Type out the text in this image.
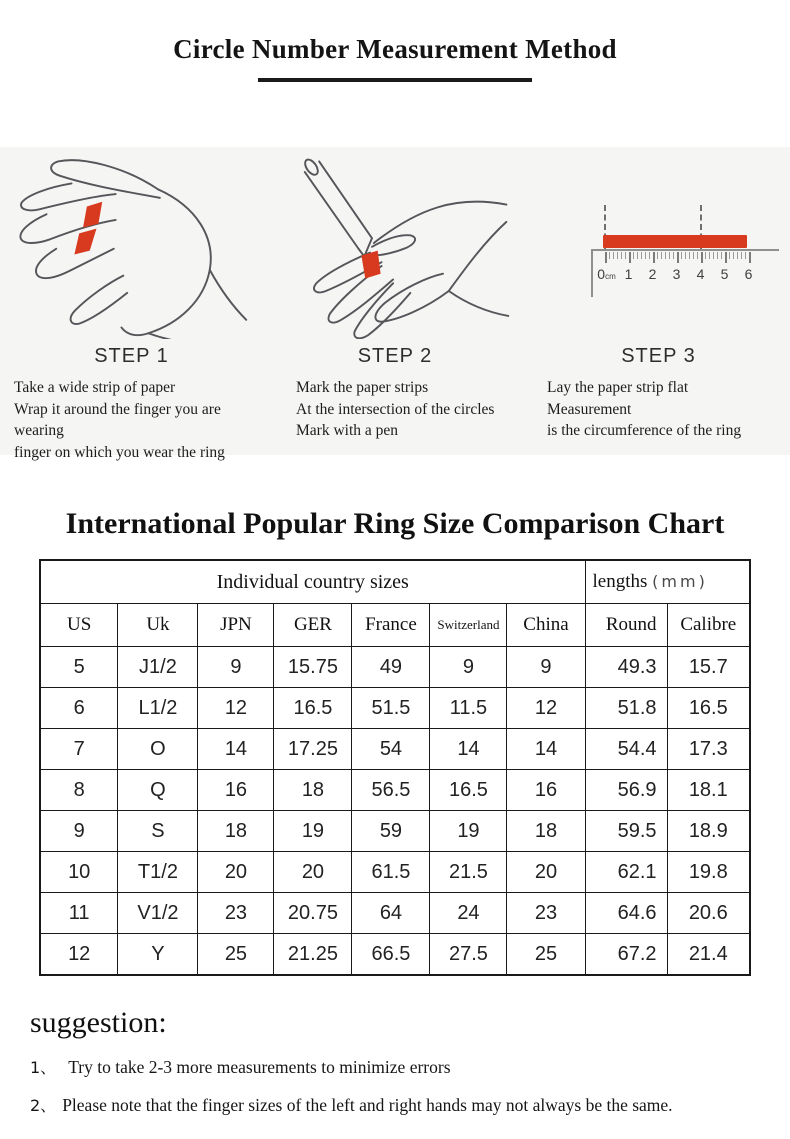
Circle Number Measurement Method
STEP 1
Take a wide strip of paper
Wrap it around the finger you are wearing
finger on which you wear the ring
STEP 2
Mark the paper strips
At the intersection of the circles
Mark with a pen
0cm 1 2 3 4 5 6
STEP 3
Lay the paper strip flat
Measurement
is the circumference of the ring
International Popular Ring Size Comparison Chart
Individual country sizes							lengths (mm)	
US	Uk	JPN	GER	France	Switzerland	China	Round	Calibre
5	J1/2	9	15.75	49	9	9	49.3	15.7
6	L1/2	12	16.5	51.5	11.5	12	51.8	16.5
7	O	14	17.25	54	14	14	54.4	17.3
8	Q	16	18	56.5	16.5	16	56.9	18.1
9	S	18	19	59	19	18	59.5	18.9
10	T1/2	20	20	61.5	21.5	20	62.1	19.8
11	V1/2	23	20.75	64	24	23	64.6	20.6
12	Y	25	21.25	66.5	27.5	25	67.2	21.4
suggestion:
1、 Try to take 2-3 more measurements to minimize errors
2、 Please note that the finger sizes of the left and right hands may not always be the same.
